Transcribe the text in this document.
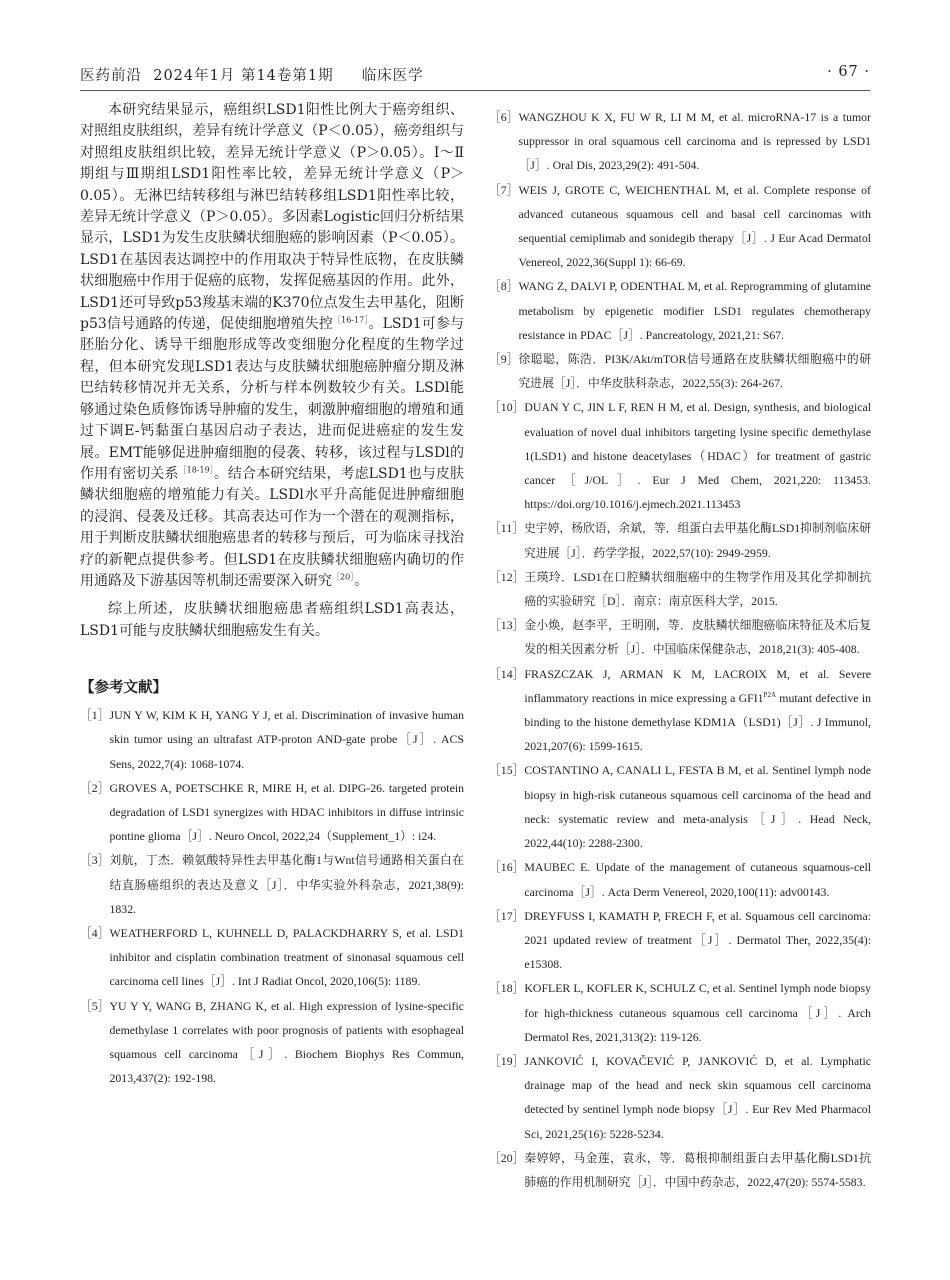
医药前沿 2024年1月 第14卷第1期 临床医学	· 67 ·

本研究结果显示，癌组织LSD1阳性比例大于癌旁组织、对照组皮肤组织，差异有统计学意义（P＜0.05），癌旁组织与对照组皮肤组织比较，差异无统计学意义（P＞0.05）。Ⅰ～Ⅱ期组与Ⅲ期组LSD1阳性率比较，差异无统计学意义（P＞0.05）。无淋巴结转移组与淋巴结转移组LSD1阳性率比较，差异无统计学意义（P＞0.05）。多因素Logistic回归分析结果显示，LSD1为发生皮肤鳞状细胞癌的影响因素（P＜0.05）。LSD1在基因表达调控中的作用取决于特异性底物，在皮肤鳞状细胞癌中作用于促癌的底物，发挥促癌基因的作用。此外，LSD1还可导致p53羧基末端的K370位点发生去甲基化，阻断p53信号通路的传递，促使细胞增殖失控$^{[16-17]}$。LSD1可参与胚胎分化、诱导干细胞形成等改变细胞分化程度的生物学过程，但本研究发现LSD1表达与皮肤鳞状细胞癌肿瘤分期及淋巴结转移情况并无关系，分析与样本例数较少有关。LSDl能够通过染色质修饰诱导肿瘤的发生，刺激肿瘤细胞的增殖和通过下调E-钙黏蛋白基因启动子表达，进而促进癌症的发生发展。EMT能够促进肿瘤细胞的侵袭、转移，该过程与LSDl的作用有密切关系$^{[18-19]}$。结合本研究结果，考虑LSD1也与皮肤鳞状细胞癌的增殖能力有关。LSDl水平升高能促进肿瘤细胞的浸润、侵袭及迁移。其高表达可作为一个潜在的观测指标，用于判断皮肤鳞状细胞癌患者的转移与预后，可为临床寻找治疗的新靶点提供参考。但LSD1在皮肤鳞状细胞癌内确切的作用通路及下游基因等机制还需要深入研究$^{[20]}$。

综上所述，皮肤鳞状细胞癌患者癌组织LSD1高表达，LSD1可能与皮肤鳞状细胞癌发生有关。

【参考文献】
［1］ JUN Y W, KIM K H, YANG Y J, et al. Discrimination of invasive human skin tumor using an ultrafast ATP-proton AND-gate probe［J］. ACS Sens, 2022,7(4): 1068-1074.
［2］ GROVES A, POETSCHKE R, MIRE H, et al. DIPG-26. targeted protein degradation of LSD1 synergizes with HDAC inhibitors in diffuse intrinsic pontine glioma［J］. Neuro Oncol, 2022,24（Supplement_1）: i24.
［3］ 刘航，丁杰．赖氨酸特异性去甲基化酶1与Wnt信号通路相关蛋白在结直肠癌组织的表达及意义［J］．中华实验外科杂志，2021,38(9): 1832.
［4］ WEATHERFORD L, KUHNELL D, PALACKDHARRY S, et al. LSD1 inhibitor and cisplatin combination treatment of sinonasal squamous cell carcinoma cell lines［J］. Int J Radiat Oncol, 2020,106(5): 1189.
［5］ YU Y Y, WANG B, ZHANG K, et al. High expression of lysine-specific demethylase 1 correlates with poor prognosis of patients with esophageal squamous cell carcinoma［J］. Biochem Biophys Res Commun, 2013,437(2): 192-198.
［6］ WANGZHOU K X, FU W R, LI M M, et al. microRNA-17 is a tumor suppressor in oral squamous cell carcinoma and is repressed by LSD1［J］. Oral Dis, 2023,29(2): 491-504.
［7］ WEIS J, GROTE C, WEICHENTHAL M, et al. Complete response of advanced cutaneous squamous cell and basal cell carcinomas with sequential cemiplimab and sonidegib therapy［J］. J Eur Acad Dermatol Venereol, 2022,36(Suppl 1): 66-69.
［8］ WANG Z, DALVI P, ODENTHAL M, et al. Reprogramming of glutamine metabolism by epigenetic modifier LSD1 regulates chemotherapy resistance in PDAC［J］. Pancreatology, 2021,21: S67.
［9］ 徐聪聪，陈浩．PI3K/Akt/mTOR信号通路在皮肤鳞状细胞癌中的研究进展［J］．中华皮肤科杂志，2022,55(3): 264-267.
［10］ DUAN Y C, JIN L F, REN H M, et al. Design, synthesis, and biological evaluation of novel dual inhibitors targeting lysine specific demethylase 1(LSD1) and histone deacetylases（HDAC）for treatment of gastric cancer［J/OL］. Eur J Med Chem, 2021,220: 113453. https://doi.org/10.1016/j.ejmech.2021.113453
［11］ 史宇婷，杨欣语，余斌，等．组蛋白去甲基化酶LSD1抑制剂临床研究进展［J］．药学学报，2022,57(10): 2949-2959.
［12］ 王瑛玲．LSD1在口腔鳞状细胞癌中的生物学作用及其化学抑制抗癌的实验研究［D］．南京：南京医科大学，2015.
［13］ 金小焕，赵李平，王明刚，等．皮肤鳞状细胞癌临床特征及术后复发的相关因素分析［J］．中国临床保健杂志，2018,21(3): 405-408.
［14］ FRASZCZAK J, ARMAN K M, LACROIX M, et al. Severe inflammatory reactions in mice expressing a $GFI1^{P2A}$ mutant defective in binding to the histone demethylase KDM1A（LSD1)［J］. J Immunol, 2021,207(6): 1599-1615.
［15］ COSTANTINO A, CANALI L, FESTA B M, et al. Sentinel lymph node biopsy in high-risk cutaneous squamous cell carcinoma of the head and neck: systematic review and meta-analysis［J］. Head Neck, 2022,44(10): 2288-2300.
［16］ MAUBEC E. Update of the management of cutaneous squamous-cell carcinoma［J］. Acta Derm Venereol, 2020,100(11): adv00143.
［17］ DREYFUSS I, KAMATH P, FRECH F, et al. Squamous cell carcinoma: 2021 updated review of treatment［J］. Dermatol Ther, 2022,35(4): e15308.
［18］ KOFLER L, KOFLER K, SCHULZ C, et al. Sentinel lymph node biopsy for high-thickness cutaneous squamous cell carcinoma［J］. Arch Dermatol Res, 2021,313(2): 119-126.
［19］ JANKOVIĆ I, KOVAČEVIĆ P, JANKOVIĆ D, et al. Lymphatic drainage map of the head and neck skin squamous cell carcinoma detected by sentinel lymph node biopsy［J］. Eur Rev Med Pharmacol Sci, 2021,25(16): 5228-5234.
［20］ 秦婷婷，马金莲，袁永，等．葛根抑制组蛋白去甲基化酶LSD1抗肺癌的作用机制研究［J］．中国中药杂志，2022,47(20): 5574-5583.
